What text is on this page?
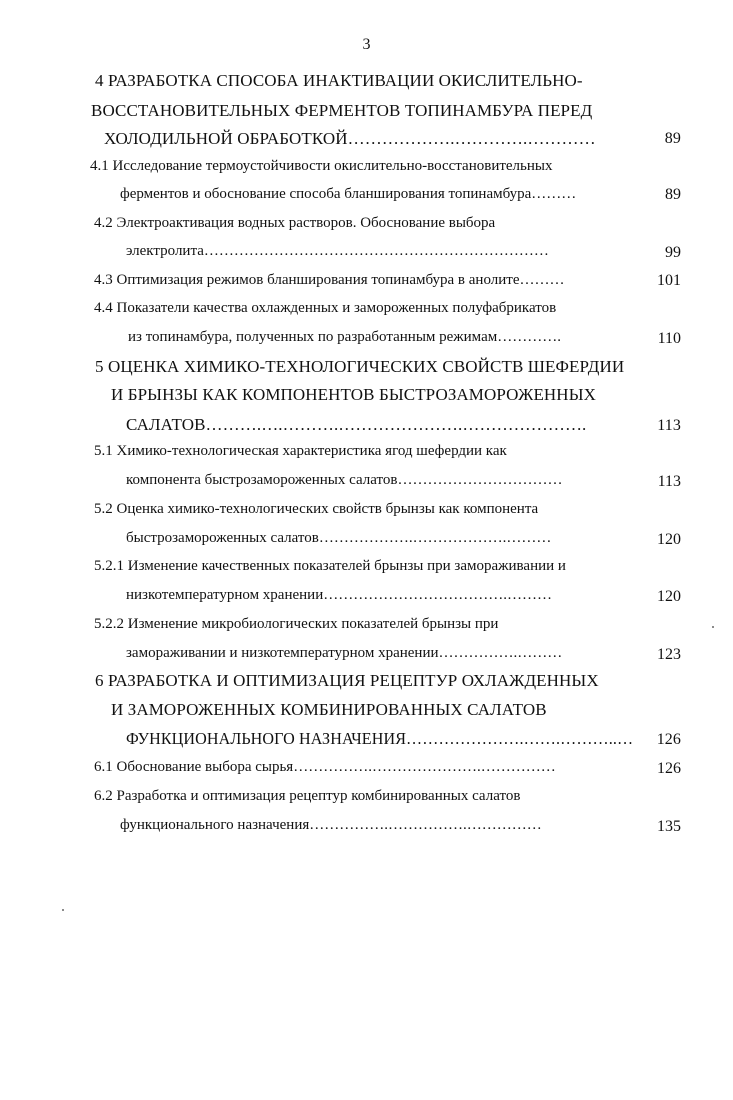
3
4 РАЗРАБОТКА СПОСОБА ИНАКТИВАЦИИ ОКИСЛИТЕЛЬНО-
ВОССТАНОВИТЕЛЬНЫХ ФЕРМЕНТОВ ТОПИНАМБУРА ПЕРЕД
ХОЛОДИЛЬНОЙ ОБРАБОТКОЙ……………….………….…………	89
4.1 Исследование термоустойчивости окислительно-восстановительных
ферментов и обоснование способа бланширования топинамбура………	89
4.2 Электроактивация водных растворов. Обоснование выбора
электролита……………………………………………………………	99
4.3 Оптимизация режимов бланширования топинамбура в анолите………	101
4.4 Показатели качества охлажденных и замороженных полуфабрикатов
из топинамбура, полученных по разработанным режимам………….	110
5 ОЦЕНКА ХИМИКО-ТЕХНОЛОГИЧЕСКИХ СВОЙСТВ ШЕФЕРДИИ
И БРЫНЗЫ КАК КОМПОНЕНТОВ БЫСТРОЗАМОРОЖЕННЫХ
САЛАТОВ……….….……….………………….………………….	113
5.1 Химико-технологическая характеристика ягод шефердии как
компонента быстрозамороженных салатов……………………………	113
5.2 Оценка химико-технологических свойств брынзы как компонента
быстрозамороженных салатов……………….……………….………	120
5.2.1 Изменение качественных показателей брынзы при замораживании и
низкотемпературном хранении……………………………….………	120
5.2.2 Изменение микробиологических показателей брынзы при
замораживании и низкотемпературном хранении…………….………	123
6 РАЗРАБОТКА И ОПТИМИЗАЦИЯ РЕЦЕПТУР ОХЛАЖДЕННЫХ
И ЗАМОРОЖЕННЫХ КОМБИНИРОВАННЫХ САЛАТОВ
ФУНКЦИОНАЛЬНОГО НАЗНАЧЕНИЯ………………….…….………..… 126
6.1 Обоснование выбора сырья…………….………………….……………	126
6.2 Разработка и оптимизация рецептур комбинированных салатов
функционального назначения…………….…………….……………	135
